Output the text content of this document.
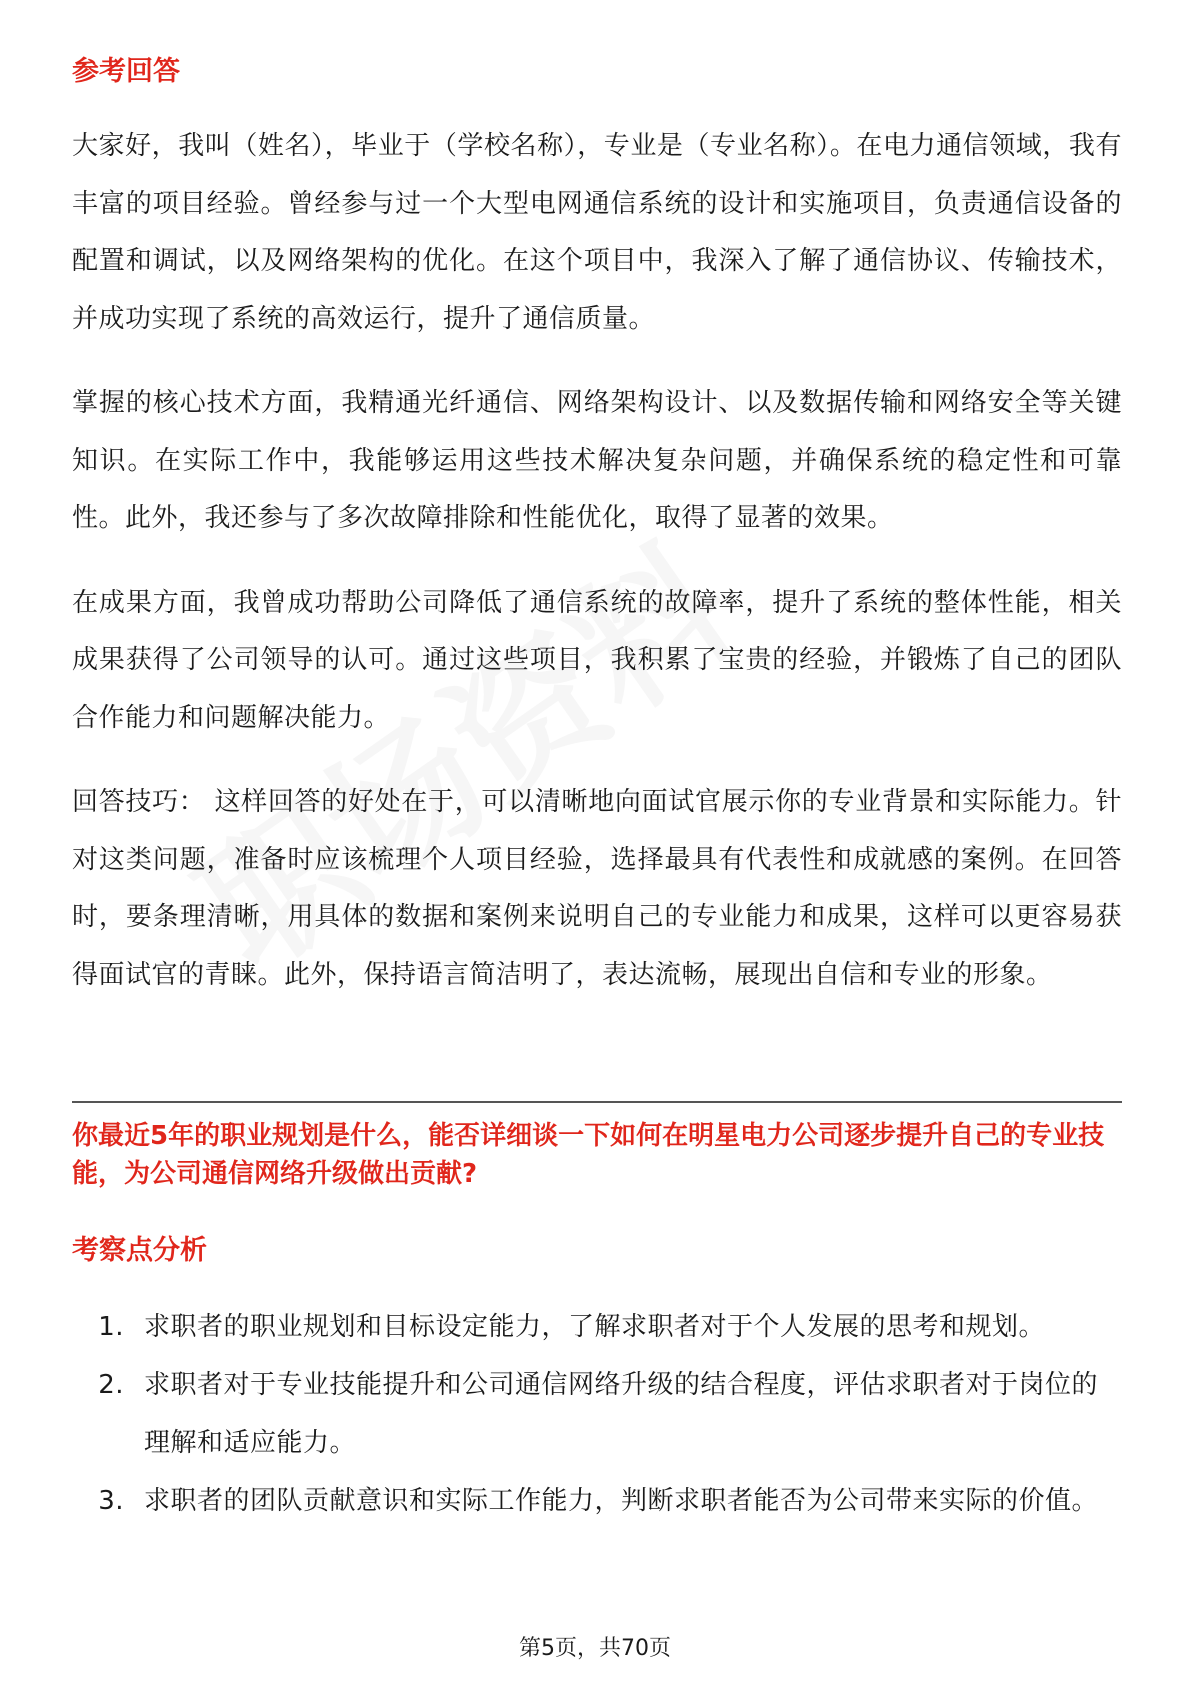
参考回答

大家好，我叫（姓名），毕业于（学校名称），专业是（专业名称）。在电力通信领域，我有丰富的项目经验。曾经参与过一个大型电网通信系统的设计和实施项目，负责通信设备的配置和调试，以及网络架构的优化。在这个项目中，我深入了解了通信协议、传输技术，并成功实现了系统的高效运行，提升了通信质量。

掌握的核心技术方面，我精通光纤通信、网络架构设计、以及数据传输和网络安全等关键知识。在实际工作中，我能够运用这些技术解决复杂问题，并确保系统的稳定性和可靠性。此外，我还参与了多次故障排除和性能优化，取得了显著的效果。

在成果方面，我曾成功帮助公司降低了通信系统的故障率，提升了系统的整体性能，相关成果获得了公司领导的认可。通过这些项目，我积累了宝贵的经验，并锻炼了自己的团队合作能力和问题解决能力。

回答技巧： 这样回答的好处在于，可以清晰地向面试官展示你的专业背景和实际能力。针对这类问题，准备时应该梳理个人项目经验，选择最具有代表性和成就感的案例。在回答时，要条理清晰，用具体的数据和案例来说明自己的专业能力和成果，这样可以更容易获得面试官的青睐。此外，保持语言简洁明了，表达流畅，展现出自信和专业的形象。

你最近5年的职业规划是什么，能否详细谈一下如何在明星电力公司逐步提升自己的专业技能，为公司通信网络升级做出贡献?
考察点分析
1. 求职者的职业规划和目标设定能力，了解求职者对于个人发展的思考和规划。
2. 求职者对于专业技能提升和公司通信网络升级的结合程度，评估求职者对于岗位的理解和适应能力。
3. 求职者的团队贡献意识和实际工作能力，判断求职者能否为公司带来实际的价值。
第5页，共70页
